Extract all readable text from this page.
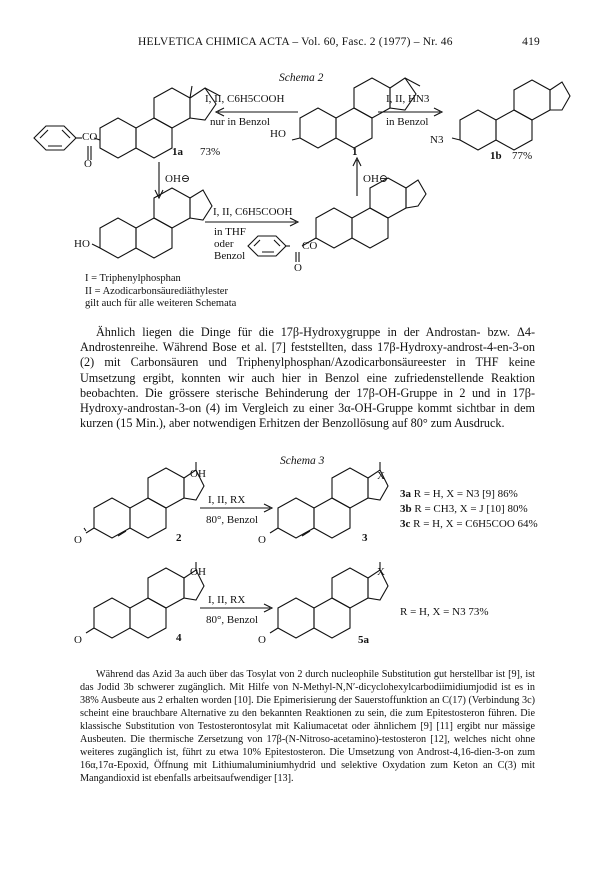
HELVETICA CHIMICA ACTA – Vol. 60, Fasc. 2 (1977) – Nr. 46	419
Schema 2
I, II, C6H5COOH
nur in Benzol
HO
I, II, HN3
in Benzol
N3
CO
O
1a 73%	1	1b 77%
OH⊖	OH⊖
I, II, C6H5COOH
in THF
oder
Benzol
CO
O
HO
I = Triphenylphosphan
II = Azodicarbonsäurediäthylester
gilt auch für alle weiteren Schemata

Ähnlich liegen die Dinge für die 17β-Hydroxygruppe in der Androstan- bzw. Δ4-Androstenreihe. Während Bose et al. [7] feststellten, dass 17β-Hydroxy-androst-4-en-3-on (2) mit Carbonsäuren und Triphenylphosphan/Azodicarbonsäureester in THF keine Umsetzung ergibt, konnten wir auch hier in Benzol eine zufriedenstellende Reaktion beobachten. Die grössere sterische Behinderung der 17β-OH-Gruppe in 2 und in 17β-Hydroxy-androstan-3-on (4) im Vergleich zu einer 3α-OH-Gruppe kommt sichtbar in dem kurzen (15 Min.), aber notwendigen Erhitzen der Benzollösung auf 80° zum Ausdruck.

Schema 3
OH	X
O	O
I, II, RX
80°, Benzol
2	3
3a R = H, X = N3 [9] 86%
3b R = CH3, X = J [10] 80%
3c R = H, X = C6H5COO 64%
OH	X
O	O
I, II, RX
80°, Benzol
4	5a
R = H, X = N3 73%

Während das Azid 3a auch über das Tosylat von 2 durch nucleophile Substitution gut herstellbar ist [9], ist das Jodid 3b schwerer zugänglich. Mit Hilfe von N-Methyl-N,N′-dicyclohexylcarbodiimidiumjodid ist es in 38% Ausbeute aus 2 erhalten worden [10]. Die Epimerisierung der Sauerstoffunktion an C(17) (Verbindung 3c) scheint eine brauchbare Alternative zu den bekannten Reaktionen zu sein, die zum Epitestosteron führen. Die klassische Substitution von Testosterontosylat mit Kaliumacetat oder ähnlichem [9] [11] ergibt nur mässige Ausbeuten. Die thermische Zersetzung von 17β-(N-Nitroso-acetamino)-testosteron [12], welches nicht ohne weiteres zugänglich ist, führt zu etwa 10% Epitestosteron. Die Umsetzung von Androst-4,16-dien-3-on zum 16α,17α-Epoxid, Öffnung mit Lithiumaluminiumhydrid und selektive Oxydation zum Keton an C(3) mit Mangandioxid ist ebenfalls arbeitsaufwendiger [13].
